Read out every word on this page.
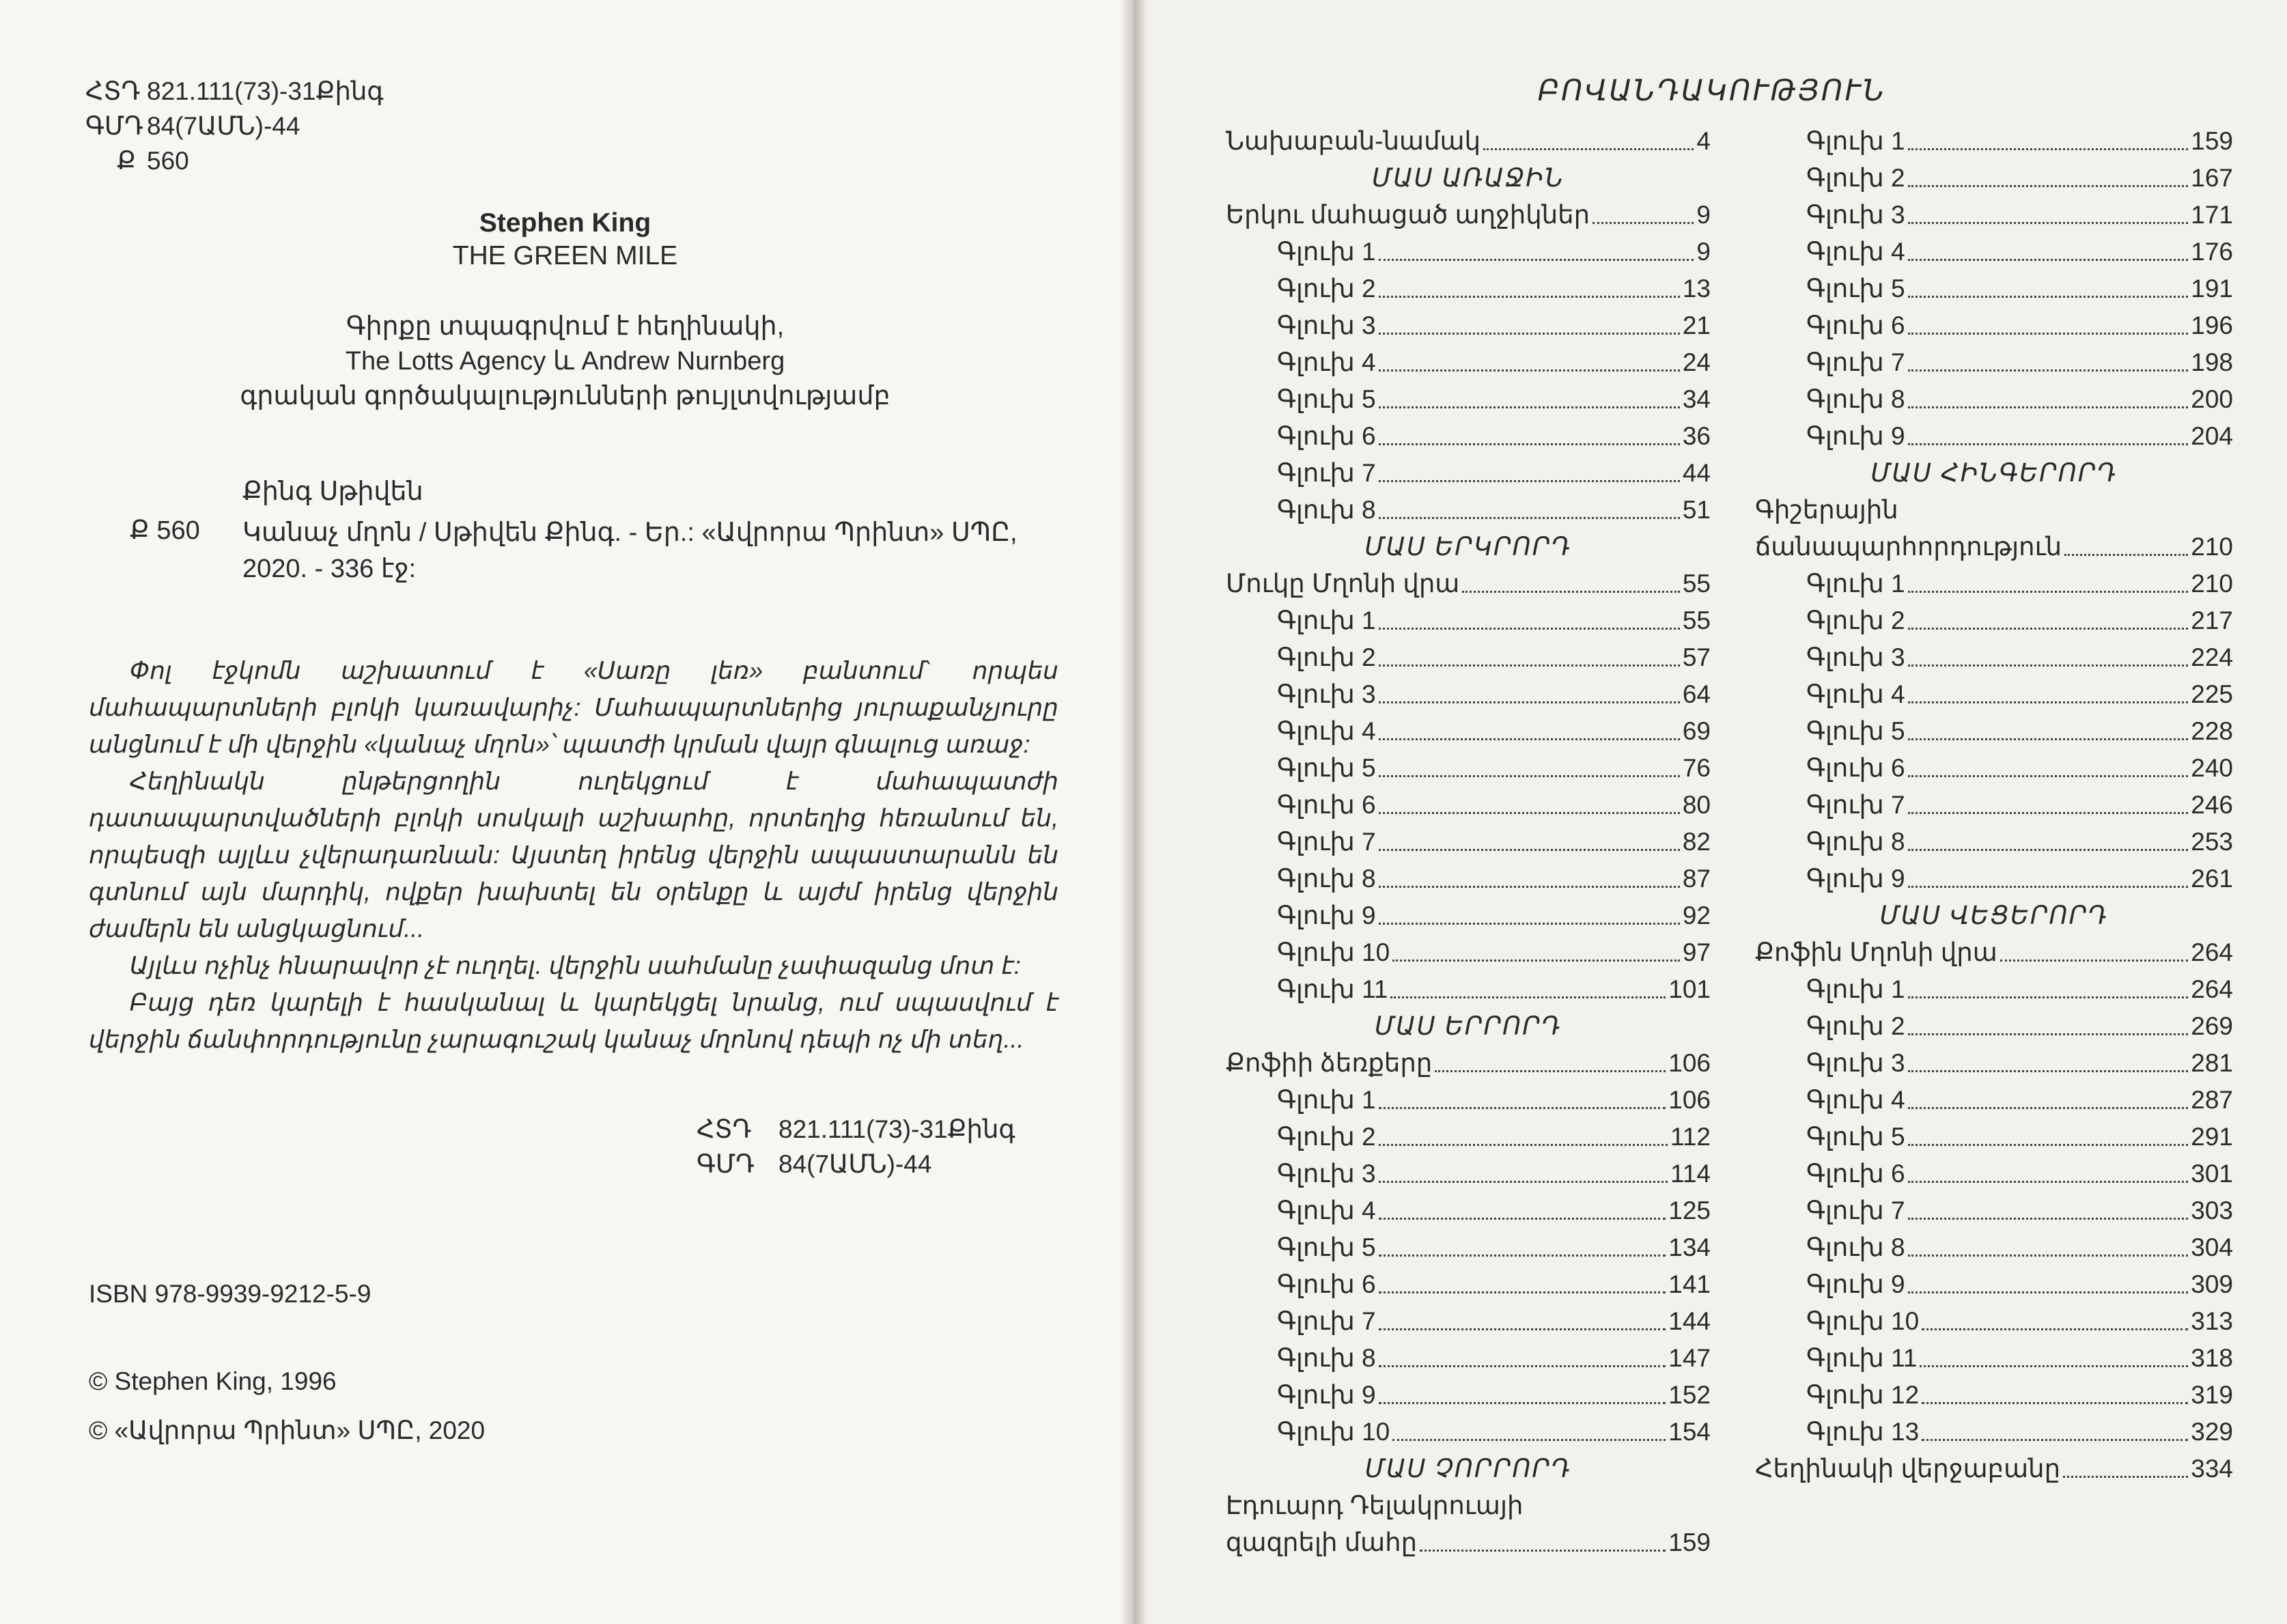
ՀՏԴ 821.111(73)-31Քինգ
ԳՄԴ 84(7ԱՄՆ)-44
Ք 560
Stephen King
THE GREEN MILE
Գիրքը տպագրվում է հեղինակի,
The Lotts Agency և Andrew Nurnberg
գրական գործակալությունների թույլտվությամբ
Քինգ Սթիվեն
Ք 560 Կանաչ մղոն / Սթիվեն Քինգ. - Եր.: «Ավրորա Պրինտ» ՍՊԸ,
2020. - 336 էջ:

Փոլ էջկոմն աշխատում է «Սառը լեռ» բանտում` որպես մահապարտների բլոկի կառավարիչ: Մահապարտներից յուրաքանչյուրը անցնում է մի վերջին «կանաչ մղոն»՝ պատժի կրման վայր գնալուց առաջ:

Հեղինակն ընթերցողին ուղեկցում է մահապատժի դատապարտվածների բլոկի սոսկալի աշխարհը, որտեղից հեռանում են, որպեսզի այլևս չվերադառնան: Այստեղ իրենց վերջին ապաստարանն են գտնում այն մարդիկ, ովքեր խախտել են օրենքը և այժմ իրենց վերջին ժամերն են անցկացնում...

Այլևս ոչինչ հնարավոր չէ ուղղել. վերջին սահմանը չափազանց մոտ է:

Բայց դեռ կարելի է հասկանալ և կարեկցել նրանց, ում սպասվում է վերջին ճանփորդությունը չարագուշակ կանաչ մղոնով դեպի ոչ մի տեղ...

ՀՏԴ	821.111(73)-31Քինգ
ԳՄԴ 84(7ԱՄՆ)-44
ISBN 978-9939-9212-5-9
© Stephen King, 1996
© «Ավրորա Պրինտ» ՍՊԸ, 2020
ԲՈՎԱՆԴԱԿՈՒԹՅՈՒՆ
Նախաբան-նամակ	4
ՄԱՍ ԱՌԱՋԻՆ
Երկու մահացած աղջիկներ	9
Գլուխ 1	9
Գլուխ 2	13
Գլուխ 3	21
Գլուխ 4	24
Գլուխ 5	34
Գլուխ 6	36
Գլուխ 7	44
Գլուխ 8	51
ՄԱՍ ԵՐԿՐՈՐԴ
Մուկը Մղոնի վրա	55
Գլուխ 1	55
Գլուխ 2	57
Գլուխ 3	64
Գլուխ 4	69
Գլուխ 5	76
Գլուխ 6	80
Գլուխ 7	82
Գլուխ 8	87
Գլուխ 9	92
Գլուխ 10	97
Գլուխ 11	101
ՄԱՍ ԵՐՐՈՐԴ
Քոֆիի ձեռքերը	106
Գլուխ 1	106
Գլուխ 2	112
Գլուխ 3	114
Գլուխ 4	125
Գլուխ 5	134
Գլուխ 6	141
Գլուխ 7	144
Գլուխ 8	147
Գլուխ 9	152
Գլուխ 10	154
ՄԱՍ ՉՈՐՐՈՐԴ
Էդուարդ Դելակրուայի
զազրելի մահը	159
Գլուխ 1	159
Գլուխ 2	167
Գլուխ 3	171
Գլուխ 4	176
Գլուխ 5	191
Գլուխ 6	196
Գլուխ 7	198
Գլուխ 8	200
Գլուխ 9	204
ՄԱՍ ՀԻՆԳԵՐՈՐԴ
Գիշերային
ճանապարհորդություն	210
Գլուխ 1	210
Գլուխ 2	217
Գլուխ 3	224
Գլուխ 4	225
Գլուխ 5	228
Գլուխ 6	240
Գլուխ 7	246
Գլուխ 8	253
Գլուխ 9	261
ՄԱՍ ՎԵՑԵՐՈՐԴ
Քոֆին Մղոնի վրա	264
Գլուխ 1	264
Գլուխ 2	269
Գլուխ 3	281
Գլուխ 4	287
Գլուխ 5	291
Գլուխ 6	301
Գլուխ 7	303
Գլուխ 8	304
Գլուխ 9	309
Գլուխ 10	313
Գլուխ 11	318
Գլուխ 12	319
Գլուխ 13	329
Հեղինակի վերջաբանը	334
